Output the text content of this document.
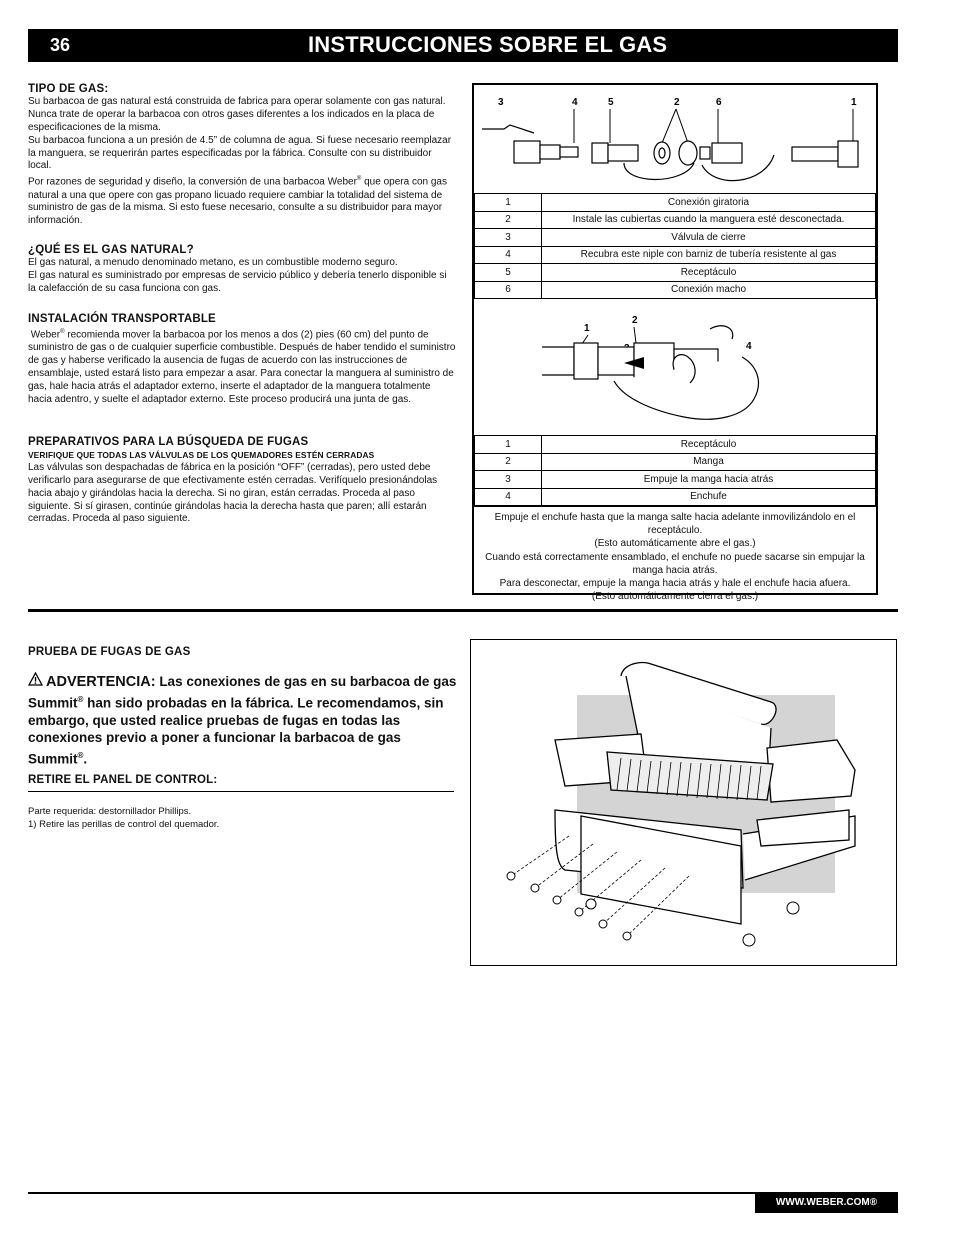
36	INSTRUCCIONES SOBRE EL GAS
TIPO DE GAS:

Su barbacoa de gas natural está construida de fabrica para operar solamente con gas natural. Nunca trate de operar la barbacoa con otros gases diferentes a los indicados en la placa de especificaciones de la misma.

Su barbacoa funciona a un presión de 4.5” de columna de agua. Si fuese necesario reemplazar la manguera, se requerirán partes especificadas por la fábrica. Consulte con su distribuidor local.

Por razones de seguridad y diseño, la conversión de una barbacoa Weber® que opera con gas natural a una que opere con gas propano licuado requiere cambiar la totalidad del sistema de suministro de gas de la misma. Si esto fuese necesario, consulte a su distribuidor para mayor información.

¿QUÉ ES EL GAS NATURAL?

El gas natural, a menudo denominado metano, es un combustible moderno seguro.

El gas natural es suministrado por empresas de servicio público y debería tenerlo disponible si la calefacción de su casa funciona con gas.

INSTALACIÓN TRANSPORTABLE

Weber® recomienda mover la barbacoa por los menos a dos (2) pies (60 cm) del punto de suministro de gas o de cualquier superficie combustible. Después de haber tendido el suministro de gas y haberse verificado la ausencia de fugas de acuerdo con las instrucciones de ensamblaje, usted estará listo para empezar a asar. Para conectar la manguera al suministro de gas, hale hacia atrás el adaptador externo, inserte el adaptador de la manguera totalmente hacia adentro, y suelte el adaptador externo. Este proceso producirá una junta de gas.

PREPARATIVOS PARA LA BÚSQUEDA DE FUGAS
VERIFIQUE QUE TODAS LAS VÁLVULAS DE LOS QUEMADORES ESTÉN CERRADAS

Las válvulas son despachadas de fábrica en la posición “OFF” (cerradas), pero usted debe verificarlo para asegurarse de que efectivamente estén cerradas. Verifíquelo presionándolas hacia abajo y girándolas hacia la derecha. Si no giran, están cerradas. Proceda al paso siguiente. Si sí girasen, continúe girándolas hacia la derecha hasta que paren; allí estarán cerradas. Proceda al paso siguiente.

3	4	5	2	6	1
1	Conexión giratoria
2	Instale las cubiertas cuando la manguera esté desconectada.
3	Válvula de cierre
4	Recubra este niple con barniz de tubería resistente al gas
5	Receptáculo
6	Conexión macho
1
2
4
1	Receptáculo
2	Manga
3	Empuje la manga hacia atrás
4	Enchufe
Empuje el enchufe hasta que la manga salte hacia adelante inmovilizándolo en el receptáculo.
(Esto automáticamente abre el gas.)
Cuando está correctamente ensamblado, el enchufe no puede sacarse sin empujar la manga hacia atrás.
Para desconectar, empuje la manga hacia atrás y hale el enchufe hacia afuera.
(Esto automáticamente cierra el gas.)
PRUEBA DE FUGAS DE GAS
ADVERTENCIA: Las conexiones de gas en su barbacoa de gas Summit® han sido probadas en la fábrica. Le recomendamos, sin embargo, que usted realice pruebas de fugas en todas las conexiones previo a poner a funcionar la barbacoa de gas Summit®.
RETIRE EL PANEL DE CONTROL:

Parte requerida: destornillador Phillips.

1) Retire las perillas de control del quemador.

WWW.WEBER.COM®
